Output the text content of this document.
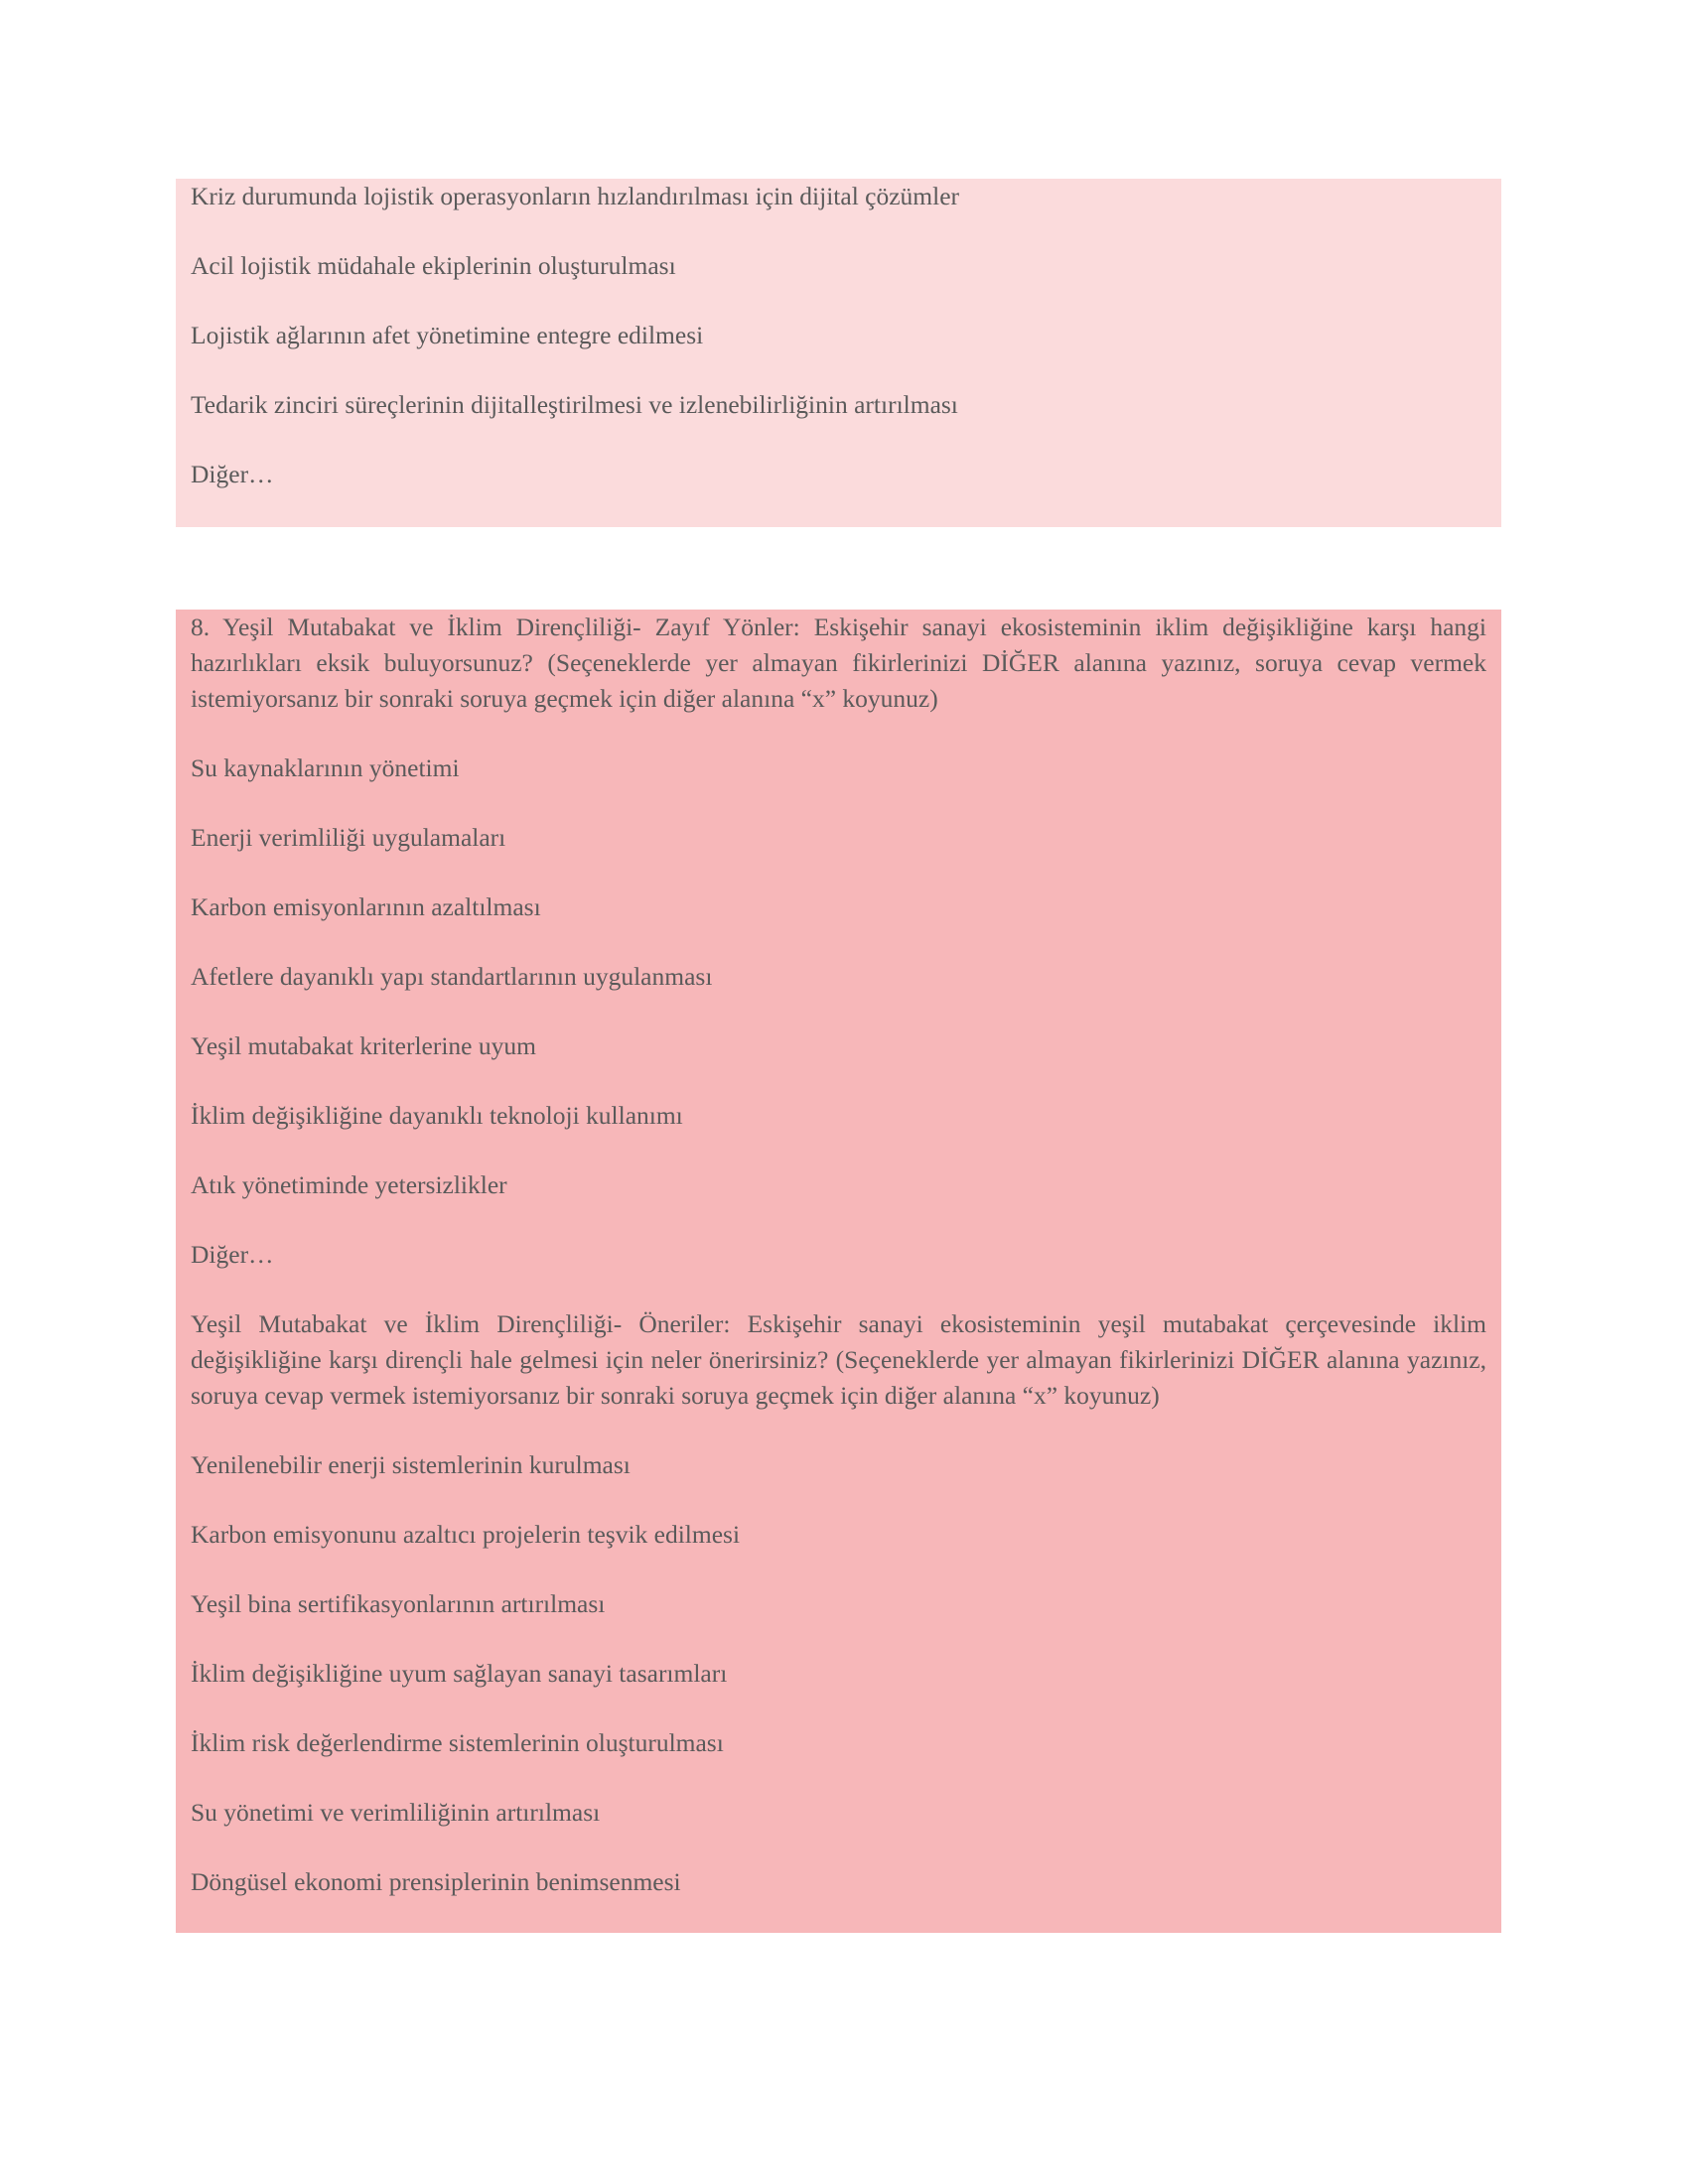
Kriz durumunda lojistik operasyonların hızlandırılması için dijital çözümler

Acil lojistik müdahale ekiplerinin oluşturulması

Lojistik ağlarının afet yönetimine entegre edilmesi

Tedarik zinciri süreçlerinin dijitalleştirilmesi ve izlenebilirliğinin artırılması

Diğer…

8. Yeşil Mutabakat ve İklim Dirençliliği- Zayıf Yönler: Eskişehir sanayi ekosisteminin iklim değişikliğine karşı hangi hazırlıkları eksik buluyorsunuz? (Seçeneklerde yer almayan fikirlerinizi DİĞER alanına yazınız, soruya cevap vermek istemiyorsanız bir sonraki soruya geçmek için diğer alanına “x” koyunuz)

Su kaynaklarının yönetimi

Enerji verimliliği uygulamaları

Karbon emisyonlarının azaltılması

Afetlere dayanıklı yapı standartlarının uygulanması

Yeşil mutabakat kriterlerine uyum

İklim değişikliğine dayanıklı teknoloji kullanımı

Atık yönetiminde yetersizlikler

Diğer…

Yeşil Mutabakat ve İklim Dirençliliği- Öneriler: Eskişehir sanayi ekosisteminin yeşil mutabakat çerçevesinde iklim değişikliğine karşı dirençli hale gelmesi için neler önerirsiniz? (Seçeneklerde yer almayan fikirlerinizi DİĞER alanına yazınız, soruya cevap vermek istemiyorsanız bir sonraki soruya geçmek için diğer alanına “x” koyunuz)

Yenilenebilir enerji sistemlerinin kurulması

Karbon emisyonunu azaltıcı projelerin teşvik edilmesi

Yeşil bina sertifikasyonlarının artırılması

İklim değişikliğine uyum sağlayan sanayi tasarımları

İklim risk değerlendirme sistemlerinin oluşturulması

Su yönetimi ve verimliliğinin artırılması

Döngüsel ekonomi prensiplerinin benimsenmesi
